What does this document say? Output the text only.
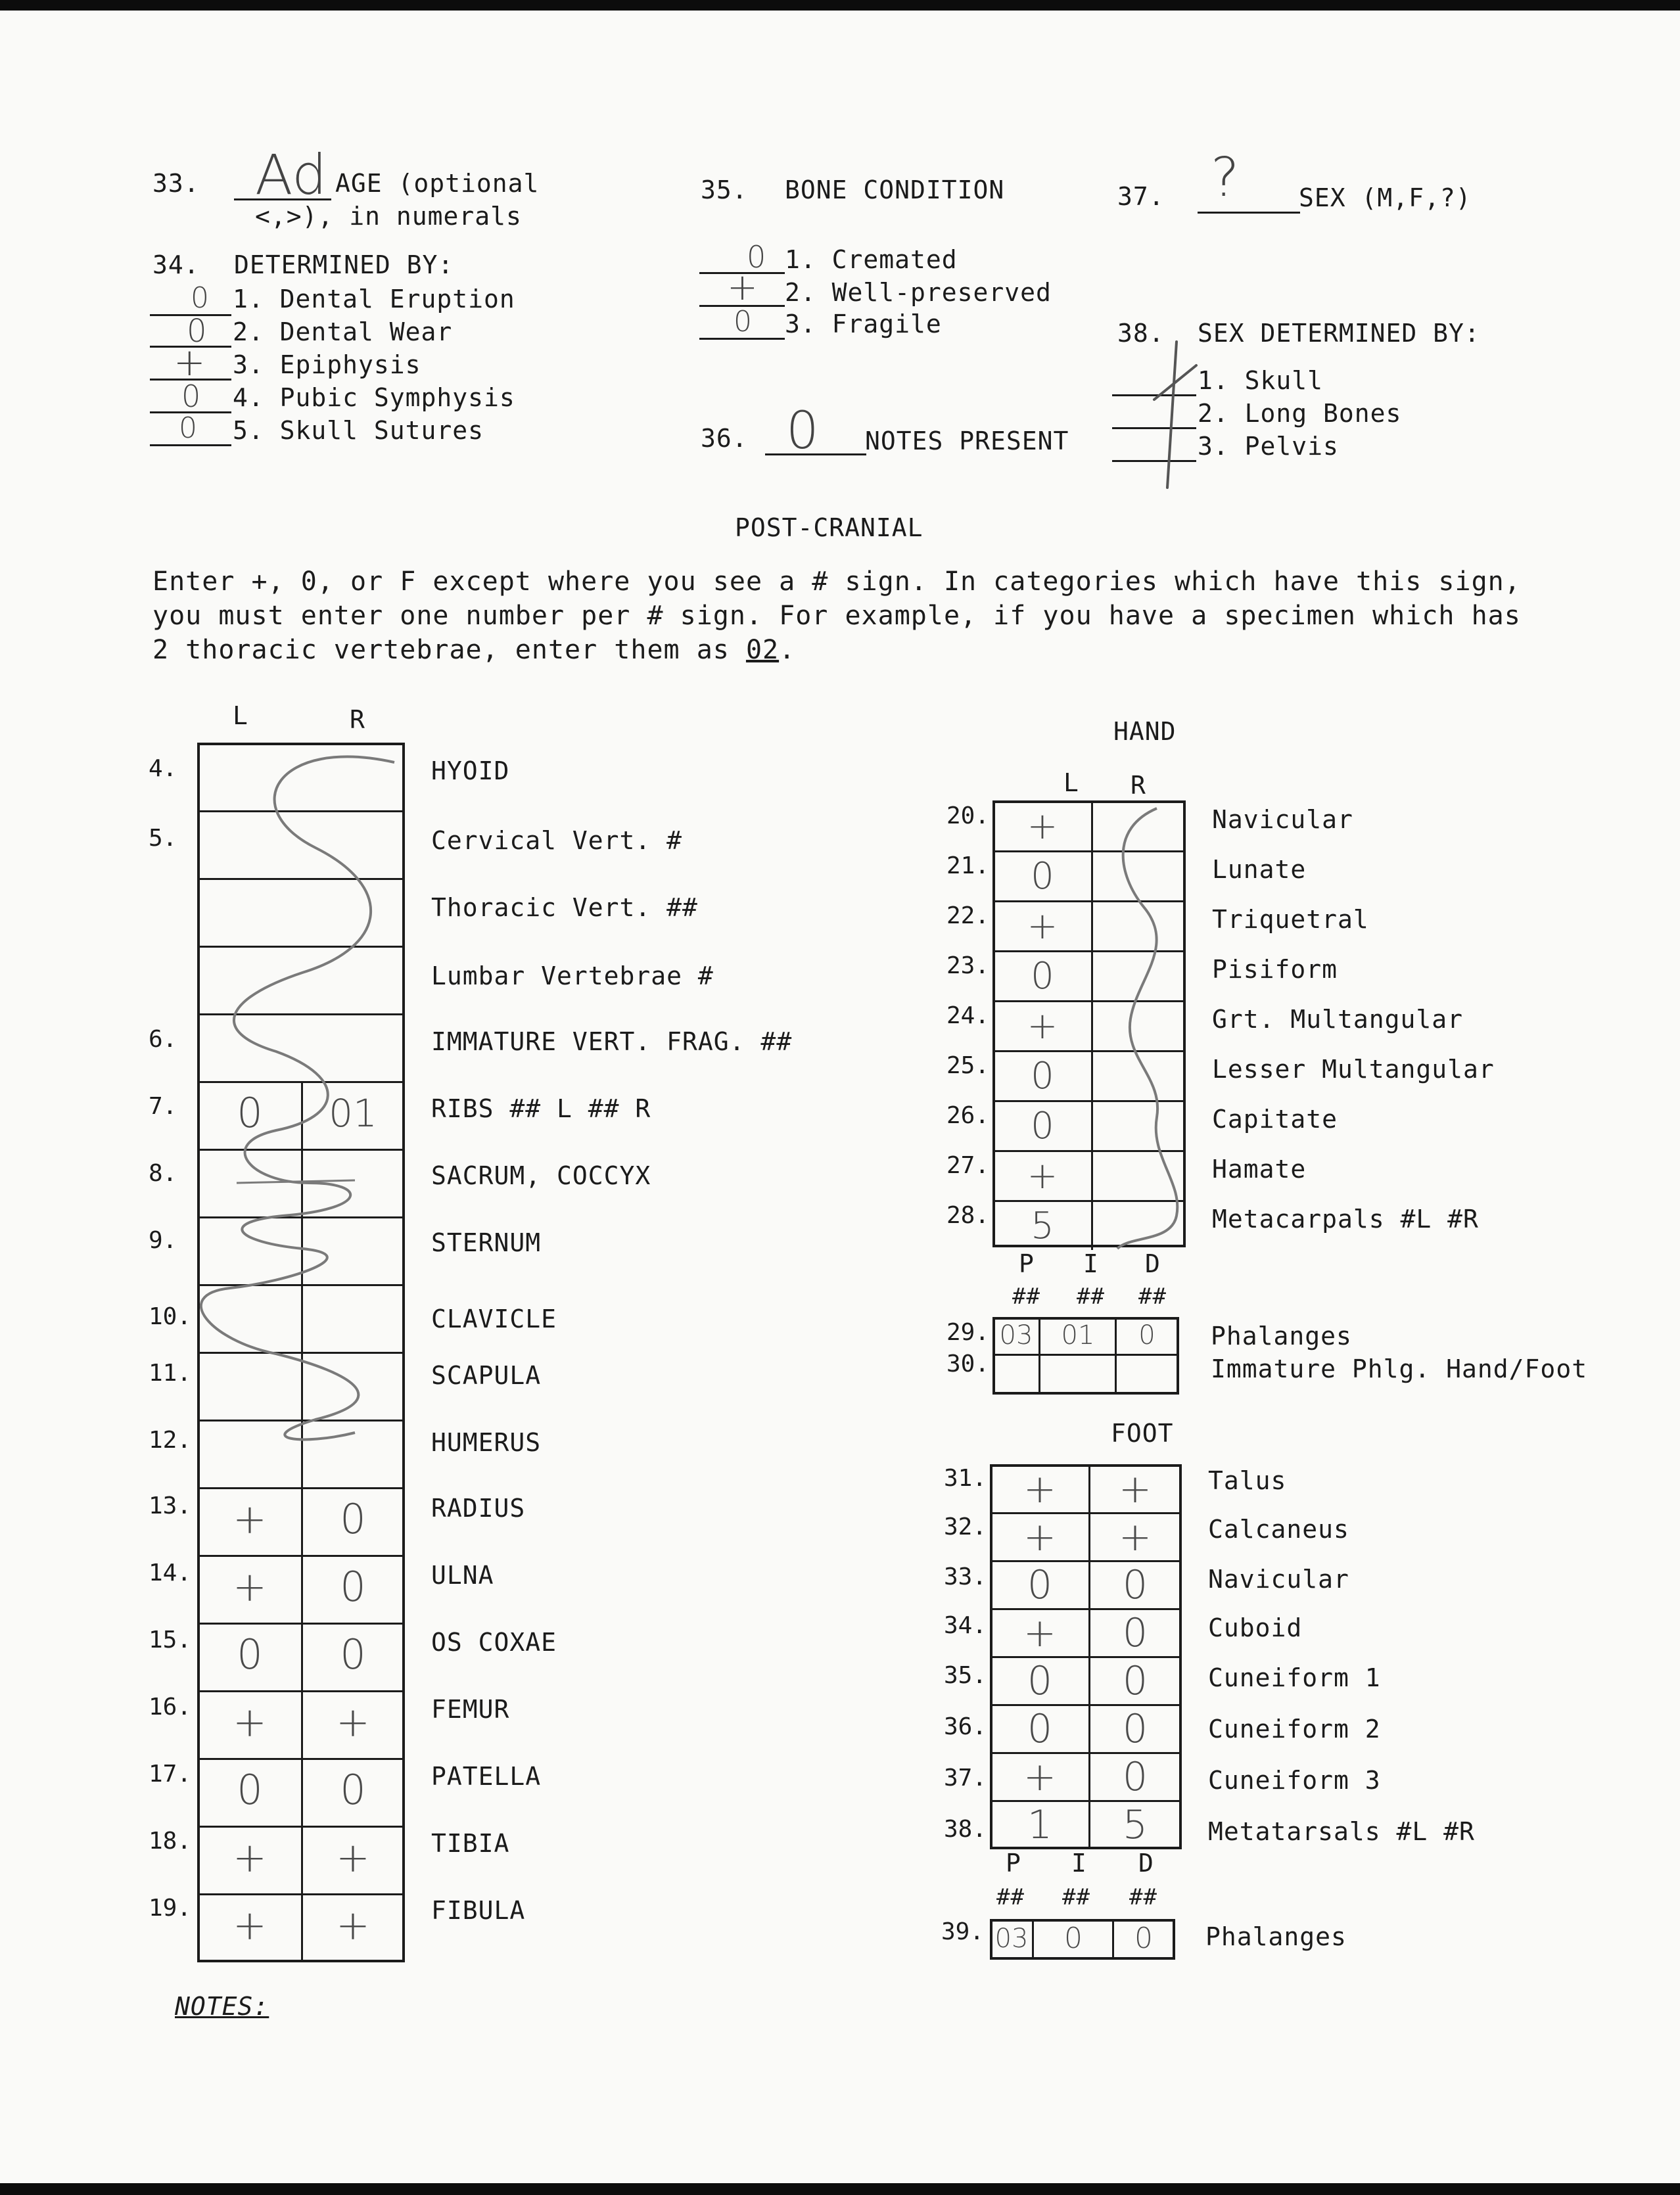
33. Ad AGE (optional
<,>), in numerals
34. DETERMINED BY:
0 1. Dental Eruption
0 2. Dental Wear
+ 3. Epiphysis
0 4. Pubic Symphysis
0 5. Skull Sutures
35. BONE CONDITION
0 1. Cremated
+ 2. Well-preserved
0 3. Fragile
36. 0 NOTES PRESENT
37. ? SEX (M,F,?)
38. SEX DETERMINED BY:
1. Skull
2. Long Bones
3. Pelvis
POST-CRANIAL
Enter +, 0, or F except where you see a # sign. In categories which have this sign,
you must enter one number per # sign. For example, if you have a specimen which has
2 thoracic vertebrae, enter them as 02.
L	R
4.	HYOID
5.	Cervical Vert. #
Thoracic Vert. ##
Lumbar Vertebrae #
6.	IMMATURE VERT. FRAG. ##
7.	RIBS ## L ## R
0	01
8.	SACRUM, COCCYX
9.	STERNUM
10.	CLAVICLE
11.	SCAPULA
12.	HUMERUS
13.	RADIUS
+	0
14.	ULNA
+	0
15.	OS COXAE
0	0
16.	FEMUR
+	+
17.	PATELLA
0	0
18.	TIBIA
+	+
19.	FIBULA
+	+
HAND
L R
20.	Navicular
+
21.	Lunate
0
22.	Triquetral
+
23.	Pisiform
0
24.	Grt. Multangular
+
25.	Lesser Multangular
0
26.	Capitate
0
27.	Hamate
+
28.	Metacarpals #L #R
5
P I D
## ## ##
29.	Phalanges
03	01	0
30.	Immature Phlg. Hand/Foot
FOOT
31.	Talus
+	+
32.	Calcaneus
+	+
33.	Navicular
0	0
34.	Cuboid
+	0
35.	Cuneiform 1
0	0
36.	Cuneiform 2
0	0
37.	Cuneiform 3
+	0
38.	Metatarsals #L #R
1	5
P I D
## ## ##
39.	Phalanges
03	0	0
NOTES:
